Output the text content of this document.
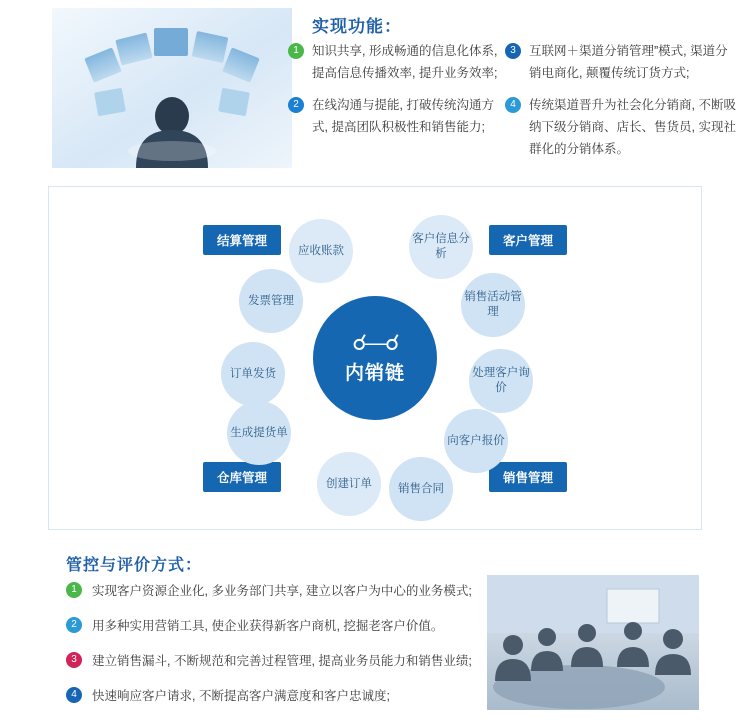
实现功能：
1	知识共享, 形成畅通的信息化体系, 提高信息传播效率, 提升业务效率;
2	在线沟通与提能, 打破传统沟通方式, 提高团队积极性和销售能力;
3	互联网＋渠道分销管理”模式, 渠道分销电商化, 颠覆传统订货方式;
4	传统渠道晋升为社会化分销商, 不断吸纳下级分销商、店长、售货员, 实现社群化的分销体系。
☌—☌
内销链
结算管理	客户管理
仓库管理	销售管理
应收账款
客户信息分析
销售活动管理
发票管理
处理客户询价
订单发货
向客户报价
生成提货单
创建订单	销售合同
管控与评价方式：
1	实现客户资源企业化, 多业务部门共享, 建立以客户为中心的业务模式;
2	用多种实用营销工具, 使企业获得新客户商机, 挖掘老客户价值。
3	建立销售漏斗, 不断规范和完善过程管理, 提高业务员能力和销售业绩;
4	快速响应客户请求, 不断提高客户满意度和客户忠诚度;
